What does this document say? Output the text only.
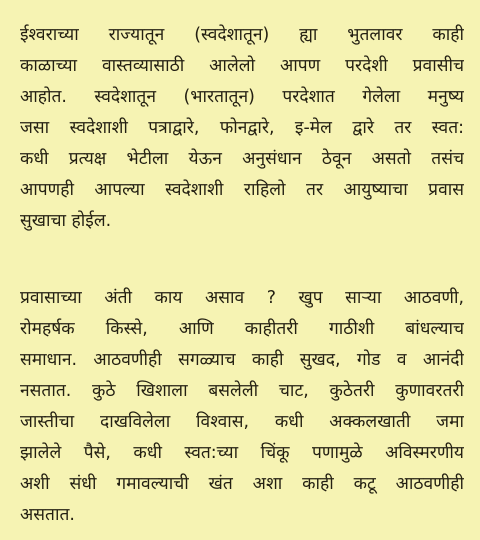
ईश्वराच्या राज्यातून (स्वदेशातून) ह्या भुतलावर काही
काळाच्या वास्तव्यासाठी आलेलो आपण परदेशी प्रवासीच
आहोत. स्वदेशातून (भारतातून) परदेशात गेलेला मनुष्य
जसा स्वदेशाशी पत्राद्वारे, फोनद्वारे, इ-मेल द्वारे तर स्वत:
कधी प्रत्यक्ष भेटीला येऊन अनुसंधान ठेवून असतो तसंच
आपणही आपल्या स्वदेशाशी राहिलो तर आयुष्याचा प्रवास
सुखाचा होईल.
प्रवासाच्या अंती काय असाव ? खुप साऱ्या आठवणी,
रोमहर्षक किस्से, आणि काहीतरी गाठीशी बांधल्याच
समाधान. आठवणीही सगळ्याच काही सुखद, गोड व आनंदी
नसतात. कुठे खिशाला बसलेली चाट, कुठेतरी कुणावरतरी
जास्तीचा दाखविलेला विश्वास, कधी अक्कलखाती जमा
झालेले पैसे, कधी स्वत:च्या चिंकू पणामुळे अविस्मरणीय
अशी संधी गमावल्याची खंत अशा काही कटू आठवणीही
असतात.
